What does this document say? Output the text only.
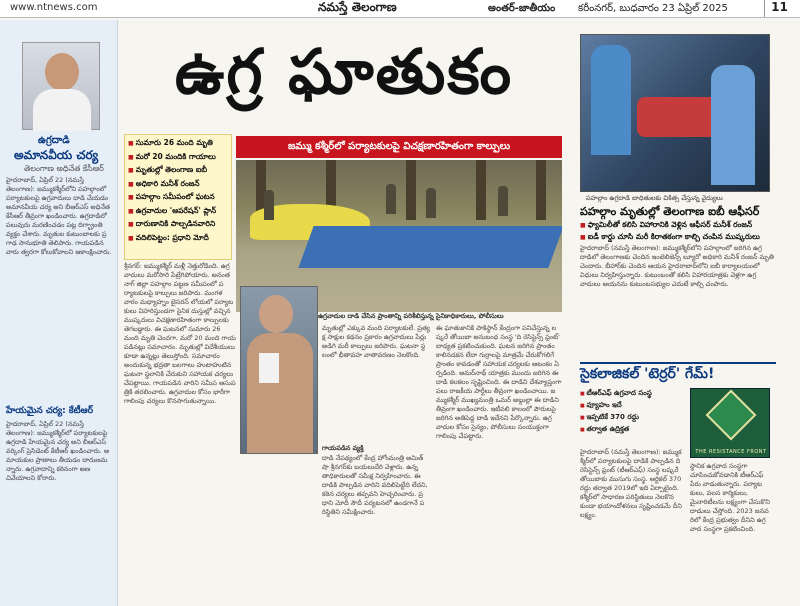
www.ntnews.com	నమస్తే తెలంగాణ	అంతర్-జాతీయం కరీంనగర్, బుధవారం 23 ఏప్రిల్ 2025	11
ఉగ్రదాడి
అమానవీయ చర్య
తెలంగాణ అధినేత కేసీఆర్
హైదరాబాద్, ఏప్రిల్ 22 (నమస్తే తెలంగాణ): జమ్ముకశ్మీర్‌లోని పహల్గాంలో పర్యాటకులపై ఉగ్రవాదులు దాడి చేయడం అమానవీయ చర్య అని బీఆర్‌ఎస్ అధినేత కేసీఆర్ తీవ్రంగా ఖండించారు. ఉగ్రదాడిలో పలువురు మరణించడం పట్ల దిగ్భ్రాంతి వ్యక్తం చేశారు. మృతుల కుటుంబాలకు ప్రగాఢ సానుభూతి తెలిపారు. గాయపడిన వారు త్వరగా కోలుకోవాలని ఆకాంక్షించారు.
హేయమైన చర్య: కేటీఆర్
హైదరాబాద్, ఏప్రిల్ 22 (నమస్తే తెలంగాణ): జమ్ముకశ్మీర్‌లో పర్యాటకులపై ఉగ్రదాడి హేయమైన చర్య అని బీఆర్‌ఎస్ వర్కింగ్ ప్రెసిడెంట్ కేటీఆర్ ఖండించారు. అమాయకుల ప్రాణాలు తీయడం దారుణమన్నారు. ఉగ్రవాదాన్ని కఠినంగా అణచివేయాలని కోరారు.
ఉగ్ర ఘాతుకం
■ సుమారు 26 మంది మృతి
■ మరో 20 మందికి గాయాలు
■ మృతుల్లో తెలంగాణ ఐబీ
■ అధికారి మనీశ్ రంజన్
■ పహల్గాం సమీపంలో ఘటన
■ ఉగ్రవాదుల 'ఆపరేషన్' ప్లాన్
■ దారుణానికి పాల్పడినవారిని
■ వదిలిపెట్టం: ప్రధాని మోదీ
జమ్ము కశ్మీర్‌లో పర్యాటకులపై విచక్షణారహితంగా కాల్పులు
ఉగ్రవాదుల దాడి చేసిన ప్రాంతాన్ని పరిశీలిస్తున్న సైనికాధికారులు, పోలీసులు
గాయపడిన వ్యక్తి
శ్రీనగర్: జమ్ముకశ్మీర్ మళ్లీ నెత్తురోడింది. ఉగ్రవాదులు మరోసారి పేట్రేగిపోయారు. అనంతనాగ్ జిల్లా పహల్గాం పట్టణ సమీపంలో పర్యాటకులపై కాల్పులు జరిపారు. మంగళవారం మధ్యాహ్నం బైసరన్ లోయలో పర్యాటకులు విహరిస్తుండగా సైనిక దుస్తుల్లో వచ్చిన ముష్కరులు విచక్షణారహితంగా కాల్పులకు తెగబడ్డారు. ఈ ఘటనలో సుమారు 26 మంది మృతి చెందగా, మరో 20 మంది గాయపడినట్లు సమాచారం. మృతుల్లో విదేశీయులు కూడా ఉన్నట్లు తెలుస్తోంది. సమాచారం అందుకున్న భద్రతా బలగాలు హుటాహుటిన ఘటనా స్థలానికి చేరుకుని సహాయక చర్యలు చేపట్టాయి. గాయపడిన వారిని సమీప ఆసుపత్రికి తరలించారు. ఉగ్రవాదుల కోసం భారీగా గాలింపు చర్యలు కొనసాగుతున్నాయి.
మృతుల్లో ఎక్కువ మంది పర్యాటకులే. ప్రత్యక్ష సాక్షుల కథనం ప్రకారం ఉగ్రవాదులు పేర్లు అడిగి మరీ కాల్పులు జరిపారు. ఘటనా స్థలంలో భీతావహ వాతావరణం నెలకొంది.
దాడి నేపథ్యంలో కేంద్ర హోంమంత్రి అమిత్ షా శ్రీనగర్‌కు బయలుదేరి వెళ్లారు. ఉన్నతాధికారులతో సమీక్ష నిర్వహించారు. ఈ దాడికి పాల్పడిన వారిని వదిలిపెట్టేది లేదని, కఠిన చర్యలు తప్పవని హెచ్చరించారు. ప్రధాని మోదీ సౌదీ పర్యటనలో ఉండగానే పరిస్థితిని సమీక్షించారు.
ఈ ఘాతుకానికి పాకిస్థాన్ కేంద్రంగా పనిచేస్తున్న లష్కరే తోయిబా అనుబంధ సంస్థ 'ది రెసిస్టెన్స్ ఫ్రంట్' బాధ్యత ప్రకటించుకుంది. ఘటన జరిగిన ప్రాంతం కాలినడకన లేదా గుర్రాలపై మాత్రమే చేరుకోగలిగే ప్రాంతం కావడంతో సహాయక చర్యలకు ఆటంకం ఏర్పడింది. అమర్‌నాథ్ యాత్రకు ముందు జరిగిన ఈ దాడి కలకలం సృష్టించింది. ఈ దాడిని దేశవ్యాప్తంగా పలు రాజకీయ పార్టీలు తీవ్రంగా ఖండించాయి. జమ్ముకశ్మీర్ ముఖ్యమంత్రి ఒమర్ అబ్దుల్లా ఈ దాడిని తీవ్రంగా ఖండించారు. ఇటీవలి కాలంలో పౌరులపై జరిగిన అతిపెద్ద దాడి ఇదేనని పేర్కొన్నారు. ఉగ్రవాదుల కోసం సైన్యం, పోలీసులు సంయుక్తంగా గాలింపు చేపట్టారు.
పహల్గాం ఉగ్రదాడి బాధితులకు చికిత్స చేస్తున్న వైద్యులు
పహల్గాం మృతుల్లో తెలంగాణ ఐబీ ఆఫీసర్
■ ఫ్యామిలీతో కలిసి విహారానికి వెళ్లిన ఆఫీసర్ మనీశ్ రంజన్
■ ఐడీ కార్డు చూసి మరీ కిరాతకంగా కాల్చి చంపిన ముష్కరులు
హైదరాబాద్ (నమస్తే తెలంగాణ): జమ్ముకశ్మీర్‌లోని పహల్గాంలో జరిగిన ఉగ్రదాడిలో తెలంగాణకు చెందిన ఇంటెలిజెన్స్ బ్యూరో అధికారి మనీశ్ రంజన్ మృతి చెందారు. బీహార్‌కు చెందిన ఆయన హైదరాబాద్‌లోని ఐబీ కార్యాలయంలో విధులు నిర్వహిస్తున్నారు. కుటుంబంతో కలిసి విహారయాత్రకు వెళ్లగా ఉగ్రవాదులు ఆయనను కుటుంబసభ్యుల ఎదుటే కాల్చి చంపారు.
సైకలాజికల్ 'టెర్రర్' గేమ్!
■ టీఆర్‌ఎఫ్ ఉగ్రవాద సంస్థ
■ వ్యూహం ఇదే
■ ఇప్పటికే 370 రద్దు
■ తర్వాత ఉద్రిక్తత
THE RESISTANCE FRONT
హైదరాబాద్ (నమస్తే తెలంగాణ): జమ్ముకశ్మీర్‌లో పర్యాటకులపై దాడికి పాల్పడిన ది రెసిస్టెన్స్ ఫ్రంట్ (టీఆర్‌ఎఫ్) సంస్థ లష్కరే తోయిబాకు ముసుగు సంస్థ. ఆర్టికల్ 370 రద్దు తర్వాత 2019లో ఇది ఏర్పాటైంది. కశ్మీర్‌లో సాధారణ పరిస్థితులు నెలకొనకుండా భయాందోళనలు సృష్టించడమే దీని లక్ష్యం.
స్థానిక ఉగ్రవాద సంస్థగా చూపించుకోవడానికి టీఆర్‌ఎఫ్ పేరు వాడుతున్నారు. పర్యాటకులు, వలస కార్మికులు, మైనారిటీలను లక్ష్యంగా చేసుకొని దాడులు చేస్తోంది. 2023 జనవరిలో కేంద్ర ప్రభుత్వం దీనిని ఉగ్రవాద సంస్థగా ప్రకటించింది.
